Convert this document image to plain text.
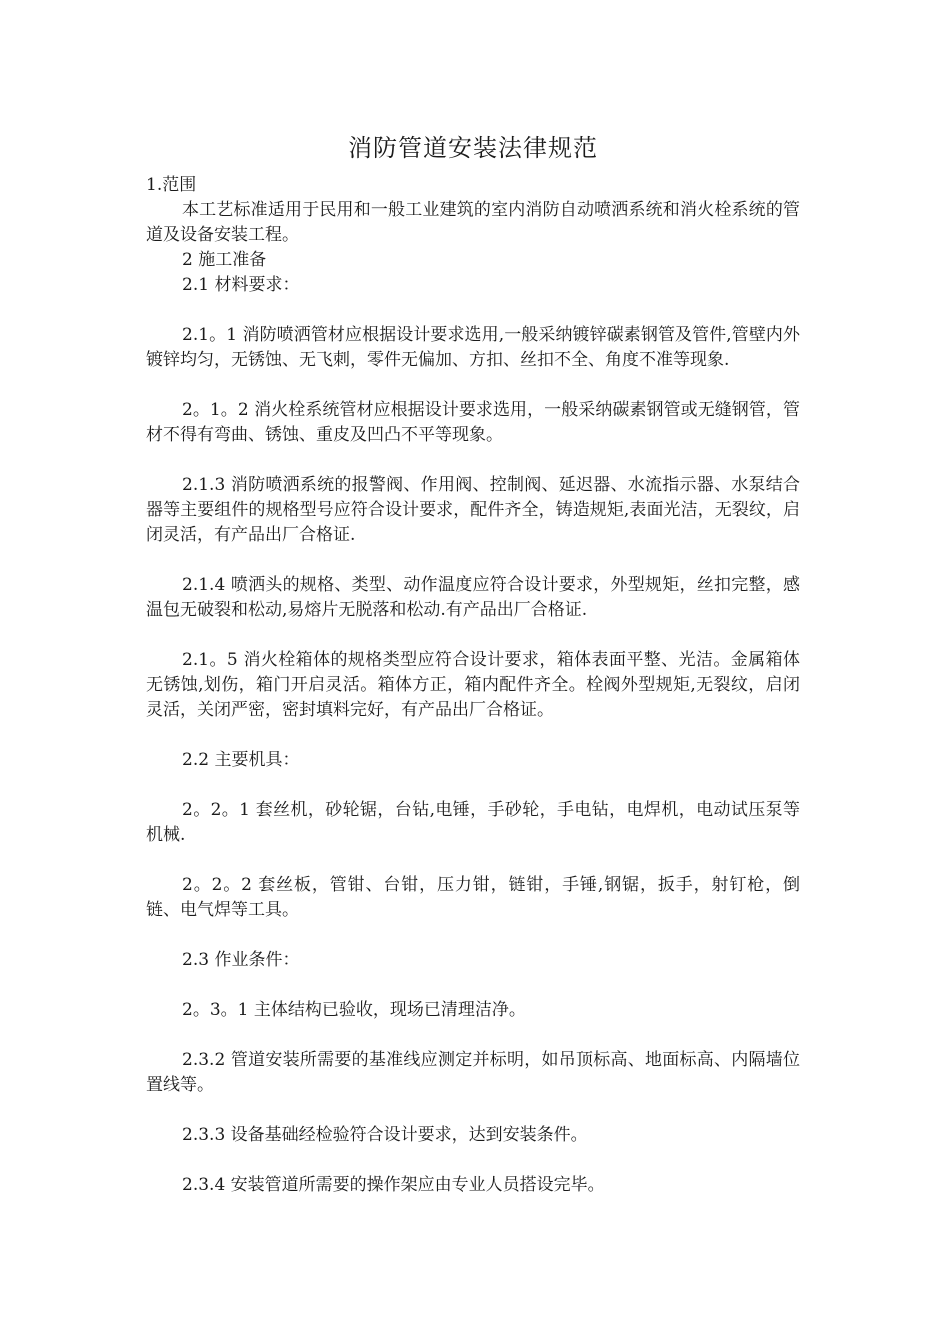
消防管道安装法律规范

1.范围

本工艺标准适用于民用和一般工业建筑的室内消防自动喷洒系统和消火栓系统的管道及设备安装工程。

2 施工准备

2.1 材料要求：

2.1。1 消防喷洒管材应根据设计要求选用,一般采纳镀锌碳素钢管及管件,管壁内外镀锌均匀，无锈蚀、无飞刺，零件无偏加、方扣、丝扣不全、角度不准等现象.

2。1。2 消火栓系统管材应根据设计要求选用，一般采纳碳素钢管或无缝钢管，管材不得有弯曲、锈蚀、重皮及凹凸不平等现象。

2.1.3 消防喷洒系统的报警阀、作用阀、控制阀、延迟器、水流指示器、水泵结合器等主要组件的规格型号应符合设计要求，配件齐全，铸造规矩,表面光洁，无裂纹，启闭灵活，有产品出厂合格证.

2.1.4 喷洒头的规格、类型、动作温度应符合设计要求，外型规矩，丝扣完整，感温包无破裂和松动,易熔片无脱落和松动.有产品出厂合格证.

2.1。5 消火栓箱体的规格类型应符合设计要求，箱体表面平整、光洁。金属箱体无锈蚀,划伤，箱门开启灵活。箱体方正，箱内配件齐全。栓阀外型规矩,无裂纹，启闭灵活，关闭严密，密封填料完好，有产品出厂合格证。

2.2 主要机具：

2。2。1 套丝机，砂轮锯，台钻,电锤，手砂轮，手电钻，电焊机，电动试压泵等机械.

2。2。2 套丝板，管钳、台钳，压力钳，链钳，手锤,钢锯，扳手，射钉枪，倒链、电气焊等工具。

2.3 作业条件：

2。3。1 主体结构已验收，现场已清理洁净。

2.3.2 管道安装所需要的基准线应测定并标明，如吊顶标高、地面标高、内隔墙位置线等。

2.3.3 设备基础经检验符合设计要求，达到安装条件。

2.3.4 安装管道所需要的操作架应由专业人员搭设完毕。
